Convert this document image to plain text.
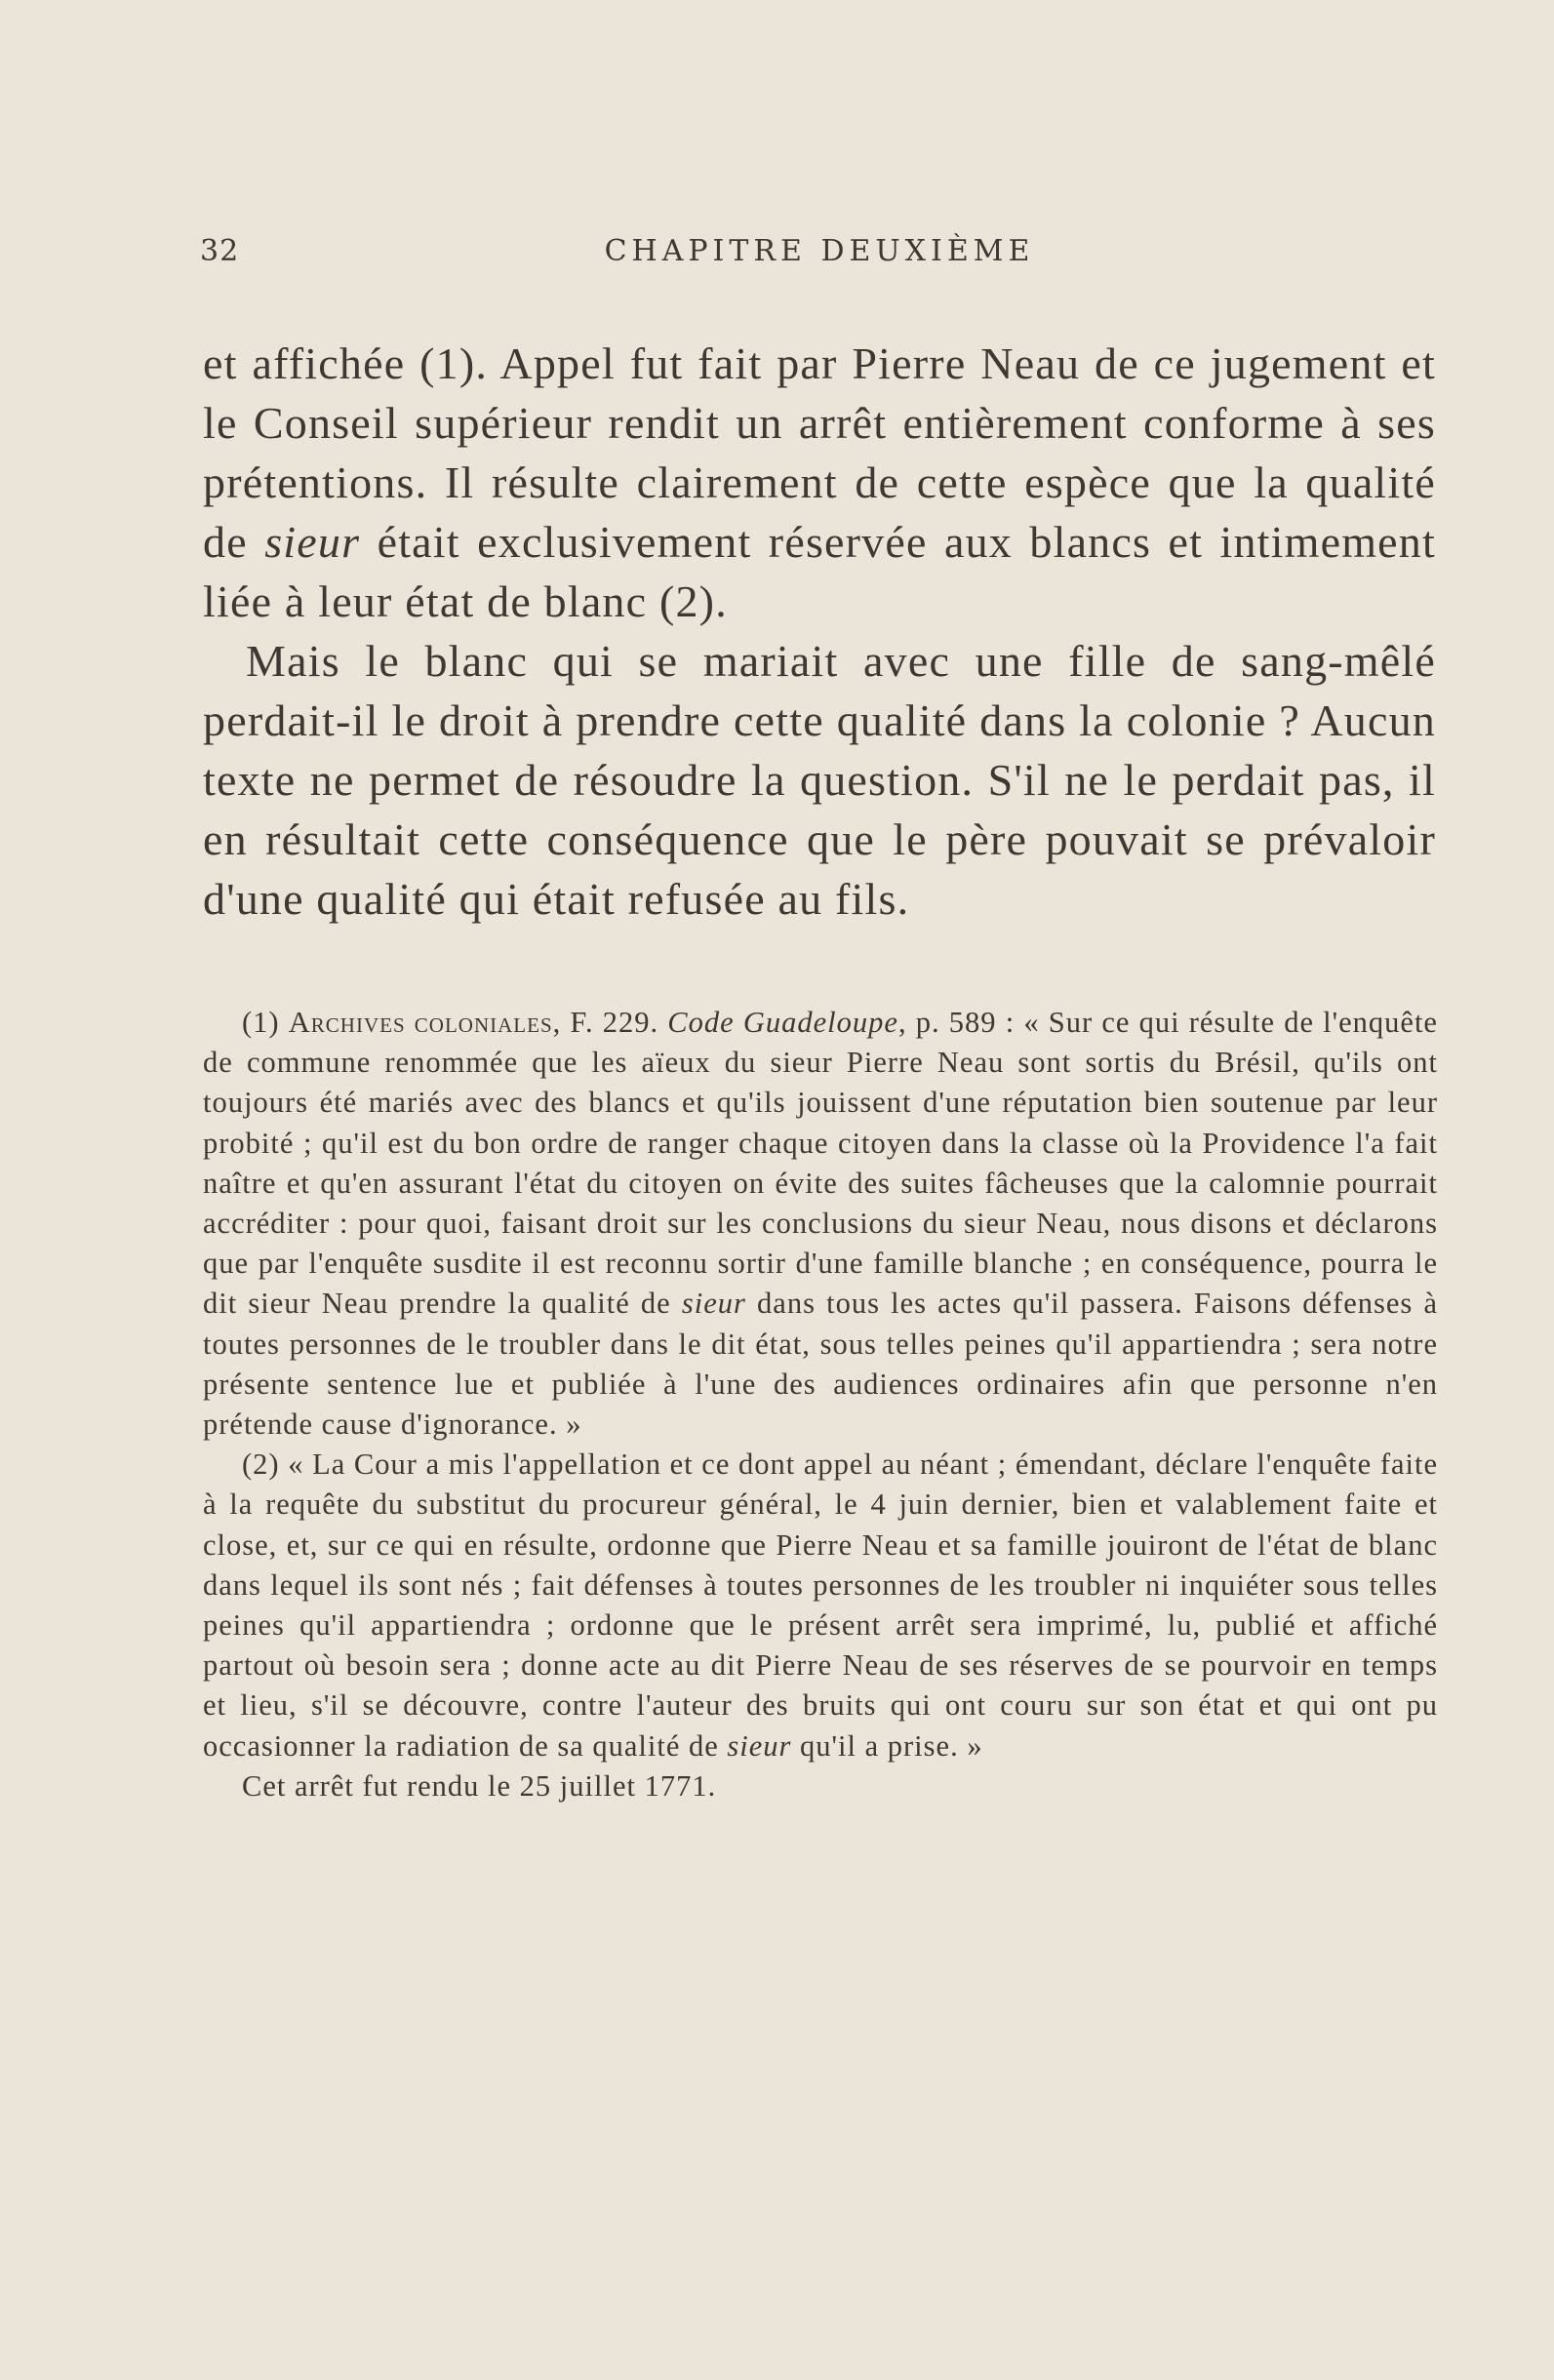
32	CHAPITRE DEUXIÈME

et affichée (1). Appel fut fait par Pierre Neau de ce jugement et le Conseil supérieur rendit un arrêt entièrement conforme à ses prétentions. Il résulte clairement de cette espèce que la qualité de sieur était exclusivement réservée aux blancs et intimement liée à leur état de blanc (2).

Mais le blanc qui se mariait avec une fille de sang-mêlé perdait-il le droit à prendre cette qualité dans la colonie ? Aucun texte ne permet de résoudre la question. S'il ne le perdait pas, il en résultait cette conséquence que le père pouvait se prévaloir d'une qualité qui était refusée au fils.

(1) Archives coloniales, F. 229. Code Guadeloupe, p. 589 : « Sur ce qui résulte de l'enquête de commune renommée que les aïeux du sieur Pierre Neau sont sortis du Brésil, qu'ils ont toujours été mariés avec des blancs et qu'ils jouissent d'une réputation bien soutenue par leur probité ; qu'il est du bon ordre de ranger chaque citoyen dans la classe où la Providence l'a fait naître et qu'en assurant l'état du citoyen on évite des suites fâcheuses que la calomnie pourrait accréditer : pour quoi, faisant droit sur les conclusions du sieur Neau, nous disons et déclarons que par l'enquête susdite il est reconnu sortir d'une famille blanche ; en conséquence, pourra le dit sieur Neau prendre la qualité de sieur dans tous les actes qu'il passera. Faisons défenses à toutes personnes de le troubler dans le dit état, sous telles peines qu'il appartiendra ; sera notre présente sentence lue et publiée à l'une des audiences ordinaires afin que personne n'en prétende cause d'ignorance. »

(2) « La Cour a mis l'appellation et ce dont appel au néant ; émendant, déclare l'enquête faite à la requête du substitut du procureur général, le 4 juin dernier, bien et valablement faite et close, et, sur ce qui en résulte, ordonne que Pierre Neau et sa famille jouiront de l'état de blanc dans lequel ils sont nés ; fait défenses à toutes personnes de les troubler ni inquiéter sous telles peines qu'il appartiendra ; ordonne que le présent arrêt sera imprimé, lu, publié et affiché partout où besoin sera ; donne acte au dit Pierre Neau de ses réserves de se pourvoir en temps et lieu, s'il se découvre, contre l'auteur des bruits qui ont couru sur son état et qui ont pu occasionner la radiation de sa qualité de sieur qu'il a prise. »

Cet arrêt fut rendu le 25 juillet 1771.
